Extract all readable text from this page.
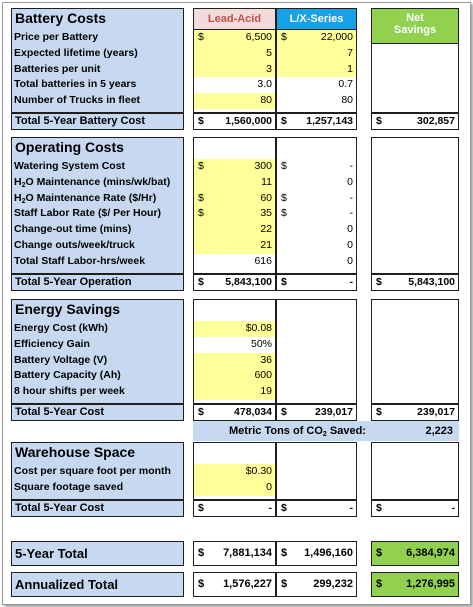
Battery Costs
Price per Battery	$	6,500 $	22,000
Expected lifetime (years)	5	7
Batteries per unit	3	1
Total batteries in 5 years	3.0	0.7
Number of Trucks in fleet	80	80
Total 5-Year Battery Cost	$ 1,560,000 $ 1,257,143 $	302,857
Operating Costs
Watering System Cost	$	300 $	-
$H_2O$ Maintenance (mins/wk/bat)	11	0
$H_2O$ Maintenance Rate ($/Hr)	$	60 $	-
Staff Labor Rate ($/ Per Hour)	$	35 $	-
Change-out time (mins)	22	0
Change outs/week/truck	21	0
Total Staff Labor-hrs/week	616	0
Total 5-Year Operation	$ 5,843,100 $	- $	5,843,100
Energy Savings
Energy Cost (kWh)	$0.08
Efficiency Gain	50%
Battery Voltage (V)	36
Battery Capacity (Ah)	600
8 hour shifts per week	19
Total 5-Year Cost	$	478,034 $	239,017 $	239,017
Metric Tons of $CO_2$ Saved:	2,223
Warehouse Space
Cost per square foot per month	$0.30
Square footage saved	0
Total 5-Year Cost	$	- $	- $	-
5-Year Total	$ 7,881,134 $ 1,496,160 $ 6,384,974
Annualized Total	$ 1,576,227 $ 299,232 $ 1,276,995
Lead-Acid	L/X-Series	Net
Savings
